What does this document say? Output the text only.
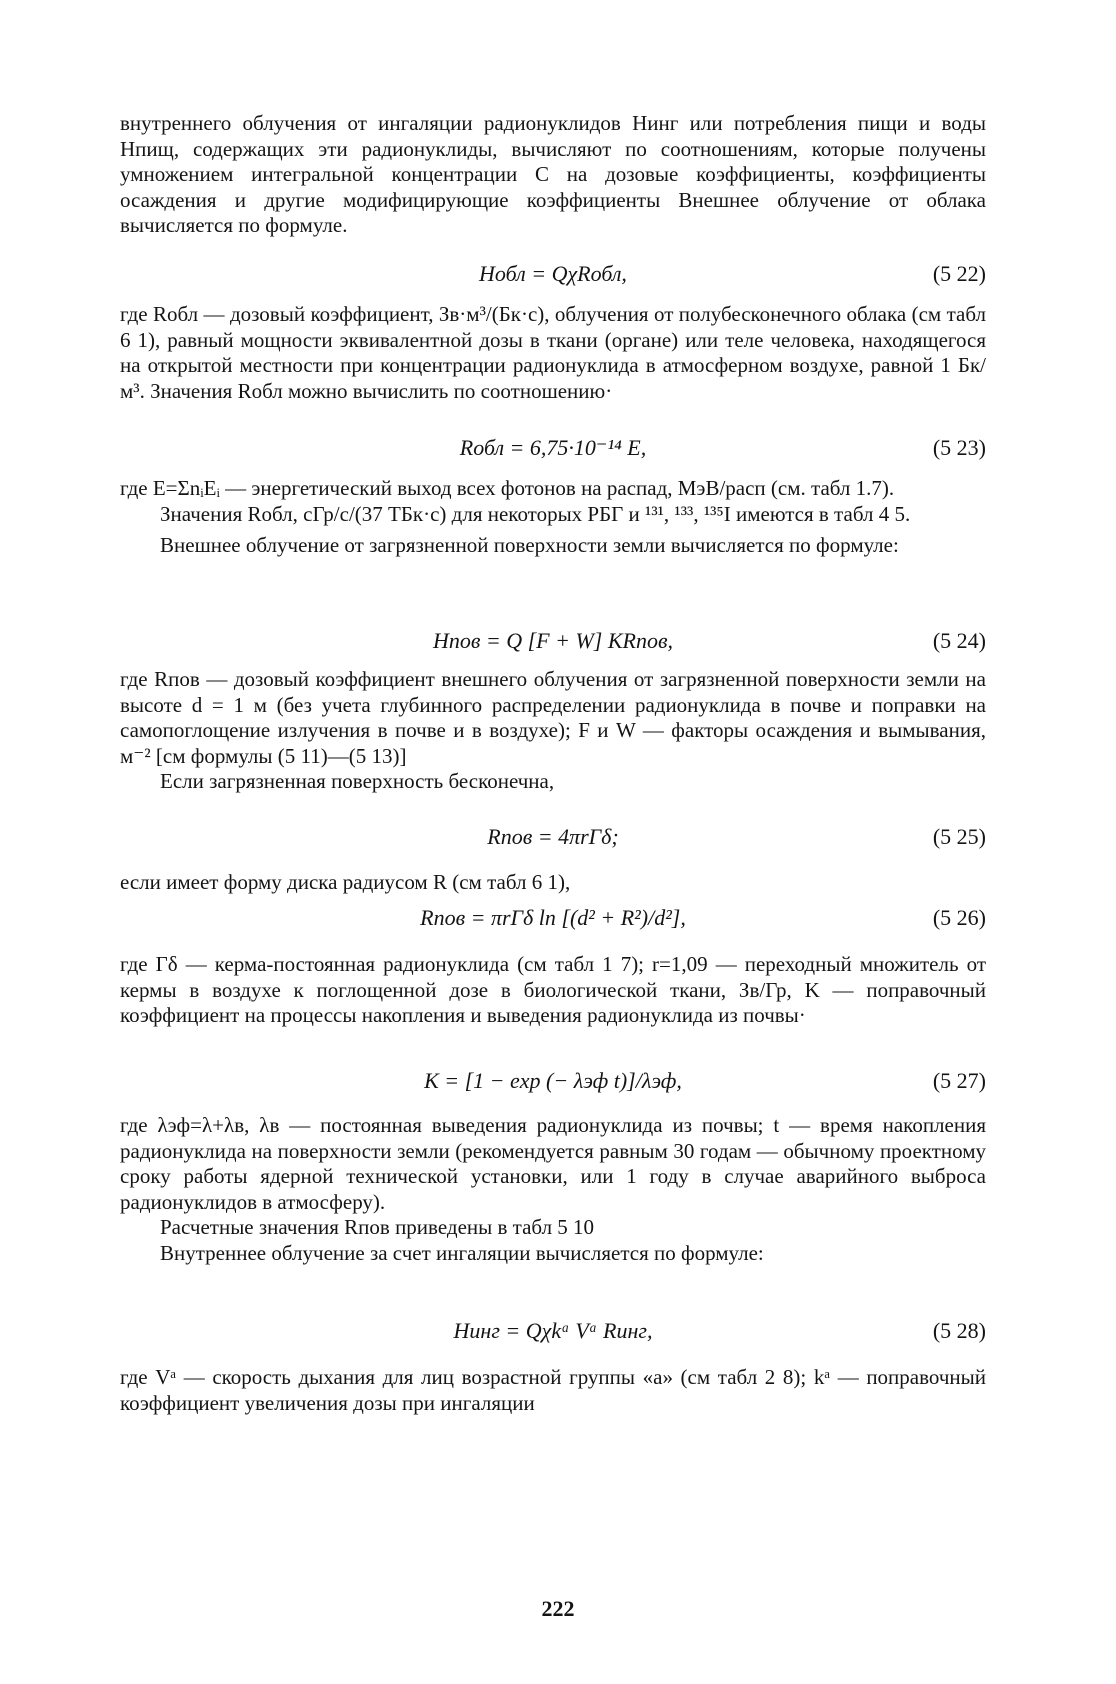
внутреннего облучения от ингаляции радионуклидов Hинг или потребления пищи и воды Hпищ, содержащих эти радионуклиды, вычисляют по соотношениям, которые получены умножением интегральной концентрации C на дозовые коэффициенты, коэффициенты осаждения и другие модифицирующие коэффициенты Внешнее облучение от облака вычисляется по формуле.

Hобл = QχRобл,	(5 22)

где Rобл — дозовый коэффициент, Зв·м³/(Бк·с), облучения от полубесконечного облака (см табл 6 1), равный мощности эквивалентной дозы в ткани (органе) или теле человека, находящегося на открытой местности при концентрации радионуклида в атмосферном воздухе, равной 1 Бк/м³. Значения Rобл можно вычислить по соотношению·

Rобл = 6,75·10⁻¹⁴ E,	(5 23)

где E=ΣnᵢEᵢ — энергетический выход всех фотонов на распад, МэВ/расп (см. табл 1.7).

Значения Rобл, сГр/с/(37 ТБк·с) для некоторых РБГ и ¹³¹, ¹³³, ¹³⁵I имеются в табл 4 5.

Внешнее облучение от загрязненной поверхности земли вычисляется по формуле:

Hпов = Q [F + W] KRпов,	(5 24)

где Rпов — дозовый коэффициент внешнего облучения от загрязненной поверхности земли на высоте d = 1 м (без учета глубинного распределении радионуклида в почве и поправки на самопоглощение излучения в почве и в воздухе); F и W — факторы осаждения и вымывания, м⁻² [см формулы (5 11)—(5 13)]

Если загрязненная поверхность бесконечна,

Rпов = 4πrΓδ;	(5 25)

если имеет форму диска радиусом R (см табл 6 1),

Rпов = πrΓδ ln [(d² + R²)/d²],	(5 26)

где Γδ — керма-постоянная радионуклида (см табл 1 7); r=1,09 — переходный множитель от кермы в воздухе к поглощенной дозе в биологической ткани, Зв/Гр, K — поправочный коэффициент на процессы накопления и выведения радионуклида из почвы·

K = [1 − exp (− λэф t)]/λэф,	(5 27)

где λэф=λ+λв, λв — постоянная выведения радионуклида из почвы; t — время накопления радионуклида на поверхности земли (рекомендуется равным 30 годам — обычному проектному сроку работы ядерной технической установки, или 1 году в случае аварийного выброса радионуклидов в атмосферу).

Расчетные значения Rпов приведены в табл 5 10

Внутреннее облучение за счет ингаляции вычисляется по формуле:

Hинг = Qχkᵃ Vᵃ Rинг,	(5 28)

где Vᵃ — скорость дыхания для лиц возрастной группы «а» (см табл 2 8); kᵃ — поправочный коэффициент увеличения дозы при ингаляции

222
